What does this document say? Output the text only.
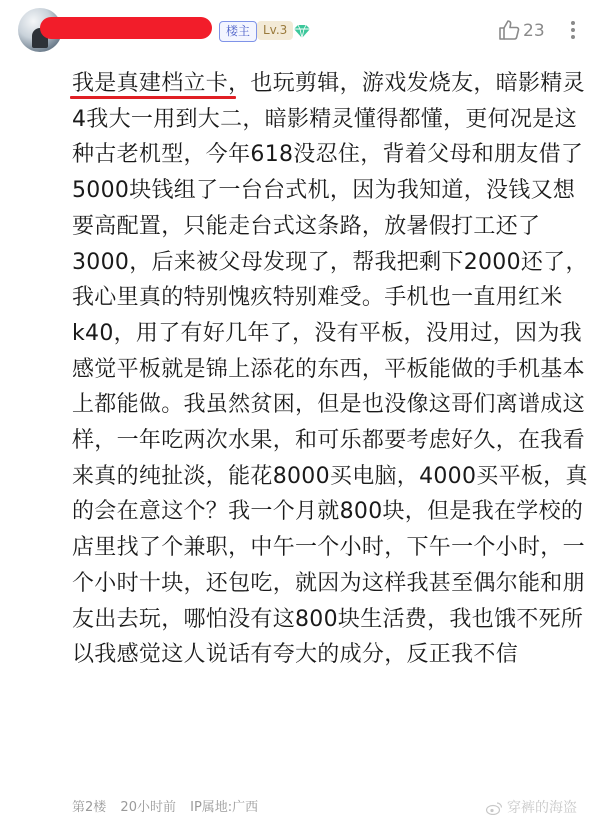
楼主	Lv.3	23

我是真建档立卡，也玩剪辑，游戏发烧友，暗影精灵4我大一用到大二，暗影精灵懂得都懂，更何况是这种古老机型，今年618没忍住，背着父母和朋友借了5000块钱组了一台台式机，因为我知道，没钱又想要高配置，只能走台式这条路，放暑假打工还了3000，后来被父母发现了，帮我把剩下2000还了，我心里真的特别愧疚特别难受。手机也一直用红米k40，用了有好几年了，没有平板，没用过，因为我感觉平板就是锦上添花的东西，平板能做的手机基本上都能做。我虽然贫困，但是也没像这哥们离谱成这样，一年吃两次水果，和可乐都要考虑好久，在我看来真的纯扯淡，能花8000买电脑，4000买平板，真的会在意这个？我一个月就800块，但是我在学校的店里找了个兼职，中午一个小时，下午一个小时，一个小时十块，还包吃，就因为这样我甚至偶尔能和朋友出去玩，哪怕没有这800块生活费，我也饿不死所以我感觉这人说话有夸大的成分，反正我不信

第2楼 20小时前 IP属地:广西	穿裤的海盗
